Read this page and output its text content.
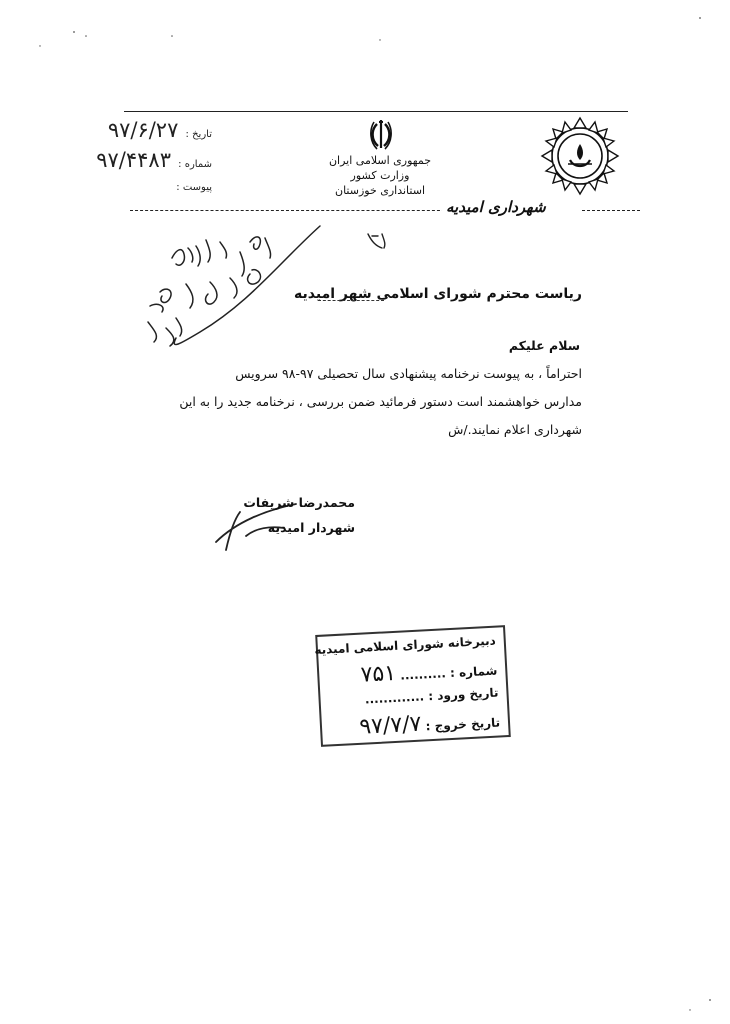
تاریخ : ۹۷/۶/۲۷
شماره : ۹۷/۴۴۸۳
پیوست :
جمهوری اسلامی ایران
وزارت کشور
استانداری خوزستان
شهرداری امیدیه
ریاست محترم شورای اسلامی شهر امیدیه
سلام علیکم
احتراماً ، به پیوست نرخنامه پیشنهادی سال تحصیلی ۹۷-۹۸ سرویس
مدارس خواهشمند است دستور فرمائید ضمن بررسی ، نرخنامه جدید را به این
شهرداری اعلام نمایند./ش
محمدرضا شریفات
شهردار امیدیه
دبیرخانه شورای اسلامی امیدیه
شماره : .......... ۷۵۱
تاریخ ورود : .............
تاریخ خروج : ۹۷/۷/۷
